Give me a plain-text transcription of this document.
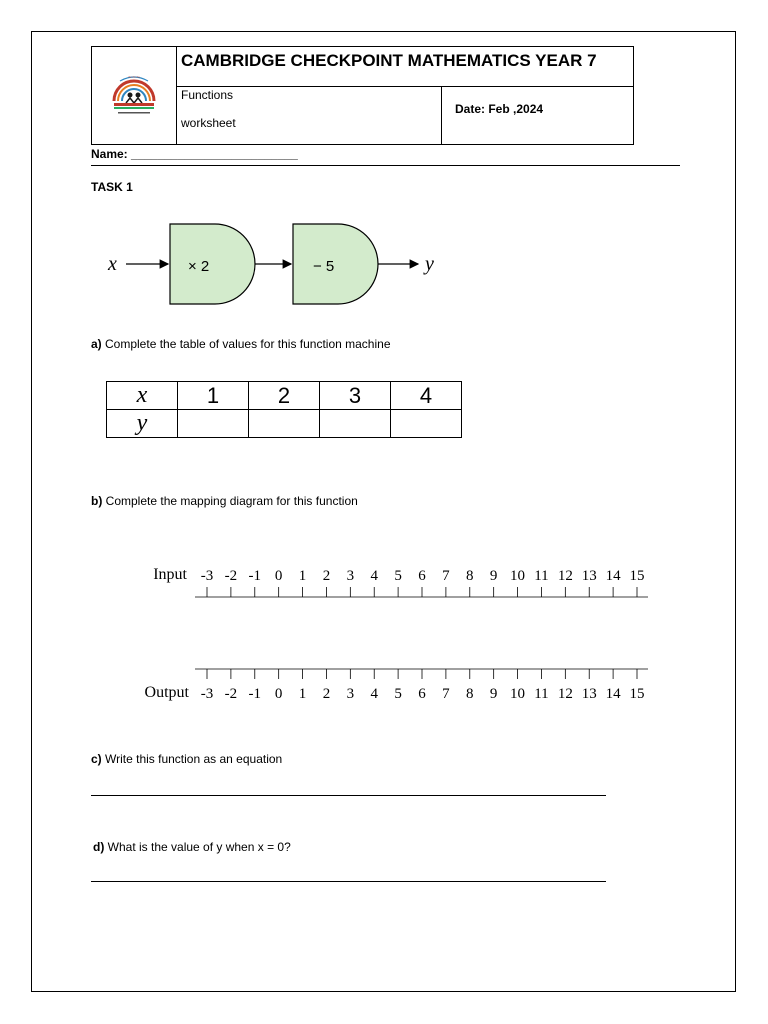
~~~
CAMBRIDGE CHECKPOINT MATHEMATICS YEAR 7
Functions
worksheet
Date: Feb ,2024
Name: _________________________
TASK 1
x	× 2	− 5	y
a) Complete the table of values for this function machine
x	1	2	3	4
y				
b) Complete the mapping diagram for this function
Input
Output
-3
-3
-2
-2
-1
-1
0
0
1
1
2
2
3
3
4
4
5
5
6
6
7
7
8
8
9
9
10
10
11
11
12
12
13
13
14
14
15
15
c) Write this function as an equation
d) What is the value of y when x = 0?
